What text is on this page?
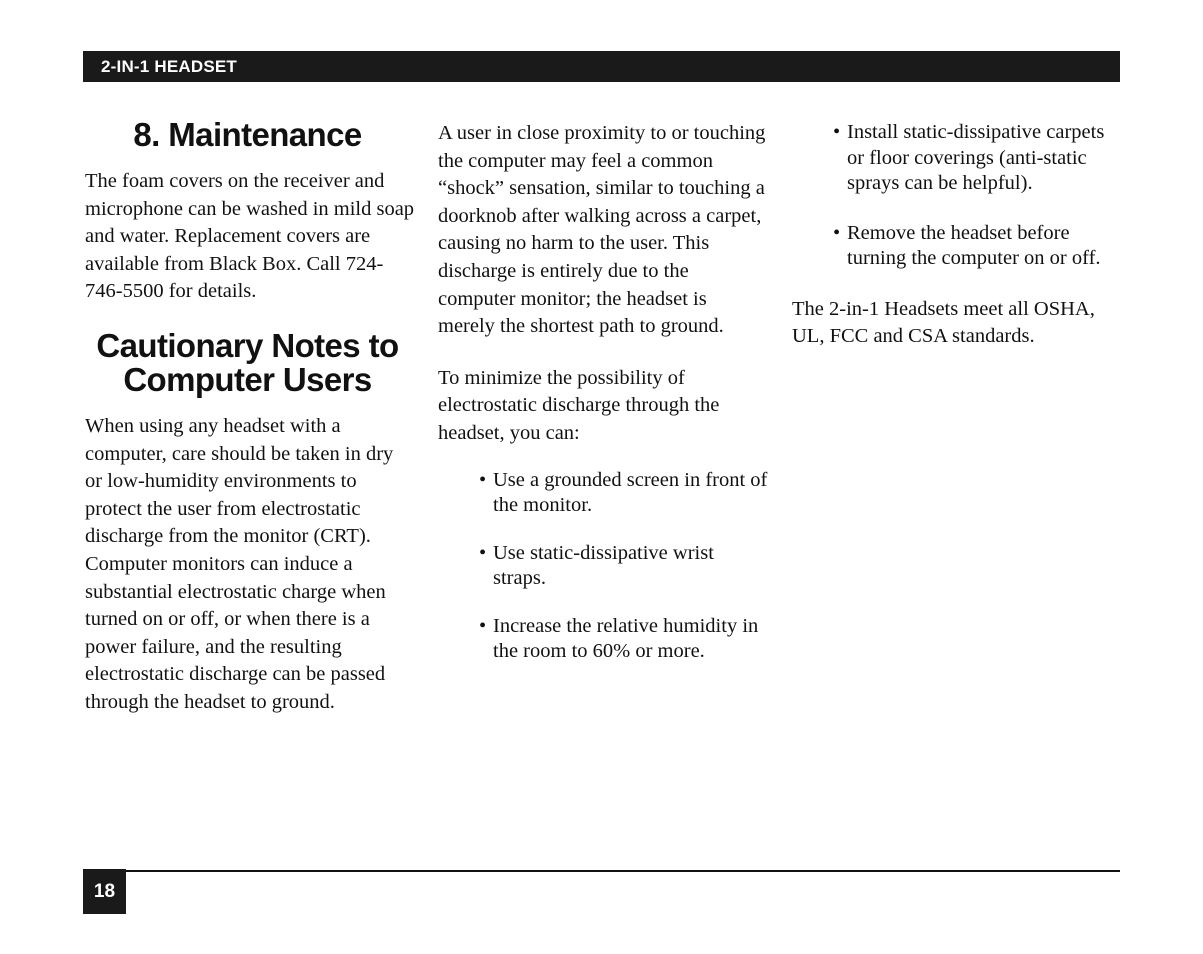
2-IN-1 HEADSET
8. Maintenance

The foam covers on the receiver and microphone can be washed in mild soap and water. Replacement covers are available from Black Box. Call 724-746-5500 for details.

Cautionary Notes to
Computer Users

When using any headset with a computer, care should be taken in dry or low-humidity environments to protect the user from electrostatic discharge from the monitor (CRT). Computer monitors can induce a substantial electrostatic charge when turned on or off, or when there is a power failure, and the resulting electrostatic discharge can be passed through the headset to ground.

A user in close proximity to or touching the computer may feel a common “shock” sensation, similar to touching a doorknob after walking across a carpet, causing no harm to the user. This discharge is entirely due to the computer monitor; the headset is merely the shortest path to ground.

To minimize the possibility of electrostatic discharge through the headset, you can:

• Use a grounded screen in front of the monitor.
• Use static-dissipative wrist straps.
• Increase the relative humidity in the room to 60% or more.
• Install static-dissipative carpets or floor coverings (anti-static sprays can be helpful).
• Remove the headset before turning the computer on or off.

The 2-in-1 Headsets meet all OSHA, UL, FCC and CSA standards.

18
